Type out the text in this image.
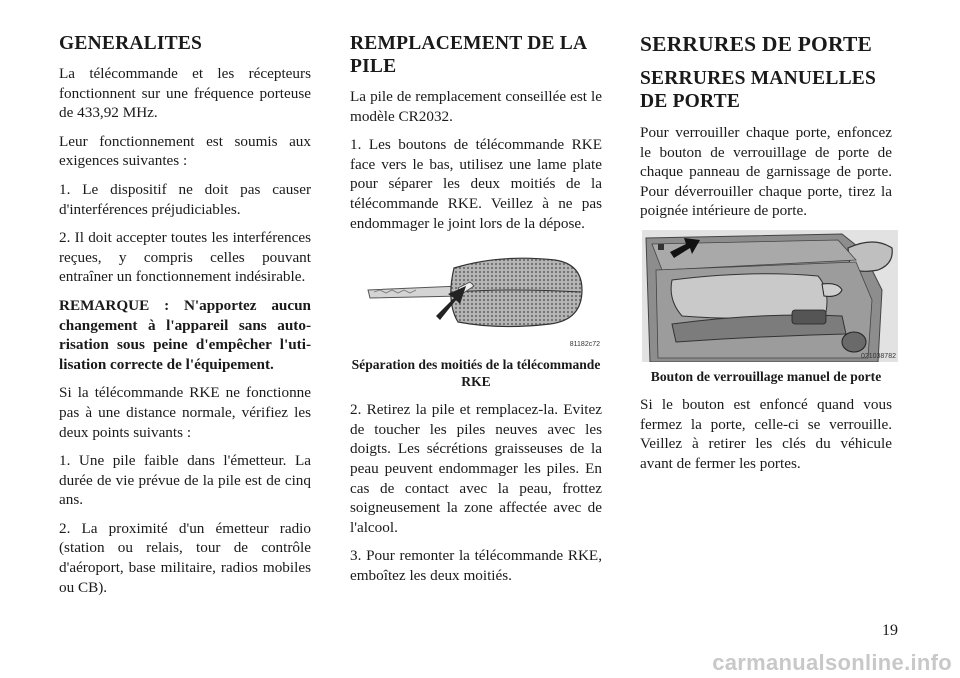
GENERALITES

La télécommande et les récepteurs fonctionnent sur une fréquence porteuse de 433,92 MHz.

Leur fonctionnement est soumis aux exigences suivantes :

1. Le dispositif ne doit pas causer d'interférences préjudiciables.

2. Il doit accepter toutes les interférences reçues, y compris celles pouvant entraîner un fonctionnement indésirable.

REMARQUE : N'apportez aucun changement à l'appareil sans autorisation sous peine d'empêcher l'utilisation correcte de l'équipement.

Si la télécommande RKE ne fonctionne pas à une distance normale, vérifiez les deux points suivants :

1. Une pile faible dans l'émetteur. La durée de vie prévue de la pile est de cinq ans.

2. La proximité d'un émetteur radio (station ou relais, tour de contrôle d'aéroport, base militaire, radios mobiles ou CB).

REMPLACEMENT DE LA PILE

La pile de remplacement conseillée est le modèle CR2032.

1. Les boutons de télécommande RKE face vers le bas, utilisez une lame plate pour séparer les deux moitiés de la télécommande RKE. Veillez à ne pas endommager le joint lors de la dépose.

81182c72
Séparation des moitiés de la télécommande RKE

2. Retirez la pile et remplacez-la. Evitez de toucher les piles neuves avec les doigts. Les sécrétions graisseuses de la peau peuvent endommager les piles. En cas de contact avec la peau, frottez soigneusement la zone affectée avec de l'alcool.

3. Pour remonter la télécommande RKE, emboîtez les deux moitiés.

SERRURES DE PORTE
SERRURES MANUELLES DE PORTE

Pour verrouiller chaque porte, enfoncez le bouton de verrouillage de porte de chaque panneau de garnissage de porte. Pour déverrouiller chaque porte, tirez la poignée intérieure de porte.

021038782
Bouton de verrouillage manuel de porte

Si le bouton est enfoncé quand vous fermez la porte, celle-ci se verrouille. Veillez à retirer les clés du véhicule avant de fermer les portes.

19
carmanualsonline.info
